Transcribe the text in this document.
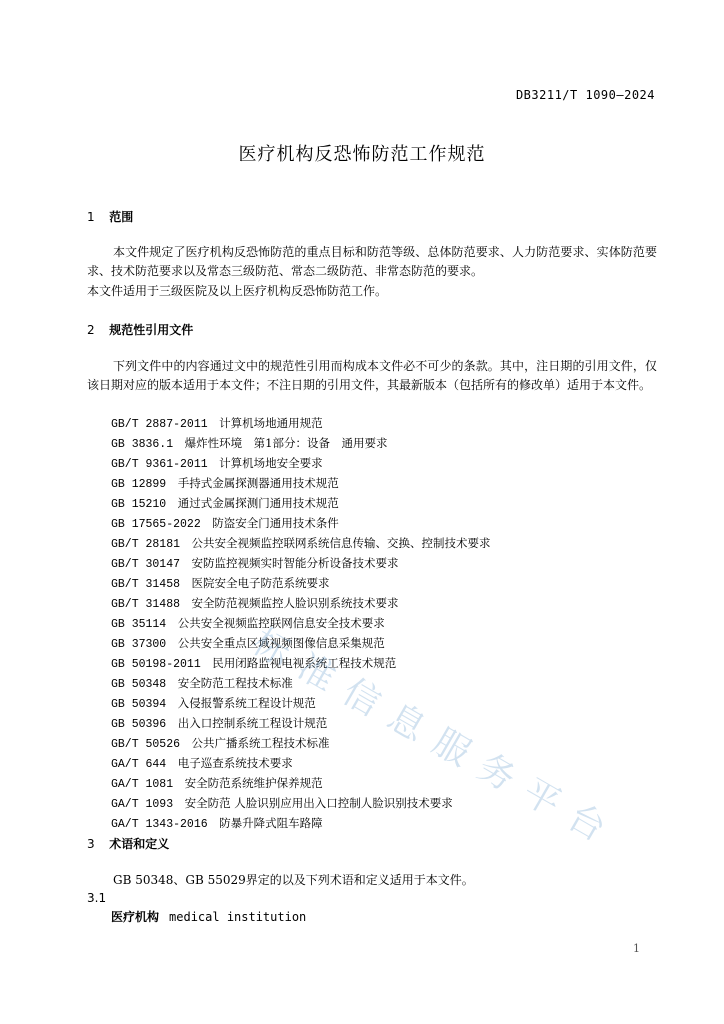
DB3211/T 1090—2024
医疗机构反恐怖防范工作规范
1 范围
本文件规定了医疗机构反恐怖防范的重点目标和防范等级、总体防范要求、人力防范要求、实体防范要求、技术防范要求以及常态三级防范、常态二级防范、非常态防范的要求。
本文件适用于三级医院及以上医疗机构反恐怖防范工作。
2 规范性引用文件
下列文件中的内容通过文中的规范性引用而构成本文件必不可少的条款。其中，注日期的引用文件，仅该日期对应的版本适用于本文件；不注日期的引用文件，其最新版本（包括所有的修改单）适用于本文件。
GB/T 2887-2011　 计算机场地通用规范
GB 3836.1　 爆炸性环境　第1部分：设备　通用要求
GB/T 9361-2011　 计算机场地安全要求
GB 12899　 手持式金属探测器通用技术规范
GB 15210　 通过式金属探测门通用技术规范
GB 17565-2022　 防盗安全门通用技术条件
GB/T 28181　 公共安全视频监控联网系统信息传输、交换、控制技术要求
GB/T 30147　 安防监控视频实时智能分析设备技术要求
GB/T 31458　 医院安全电子防范系统要求
GB/T 31488　 安全防范视频监控人脸识别系统技术要求
GB 35114　 公共安全视频监控联网信息安全技术要求
GB 37300　 公共安全重点区域视频图像信息采集规范
GB 50198-2011　 民用闭路监视电视系统工程技术规范
GB 50348　 安全防范工程技术标准
GB 50394　 入侵报警系统工程设计规范
GB 50396　 出入口控制系统工程设计规范
GB/T 50526　 公共广播系统工程技术标准
GA/T 644　 电子巡查系统技术要求
GA/T 1081　 安全防范系统维护保养规范
GA/T 1093　 安全防范 人脸识别应用出入口控制人脸识别技术要求
GA/T 1343-2016　 防暴升降式阻车路障
3 术语和定义
GB 50348、GB 55029界定的以及下列术语和定义适用于本文件。
3.1
医疗机构 medical institution
1
标
准
信
息
服
务
平
台
